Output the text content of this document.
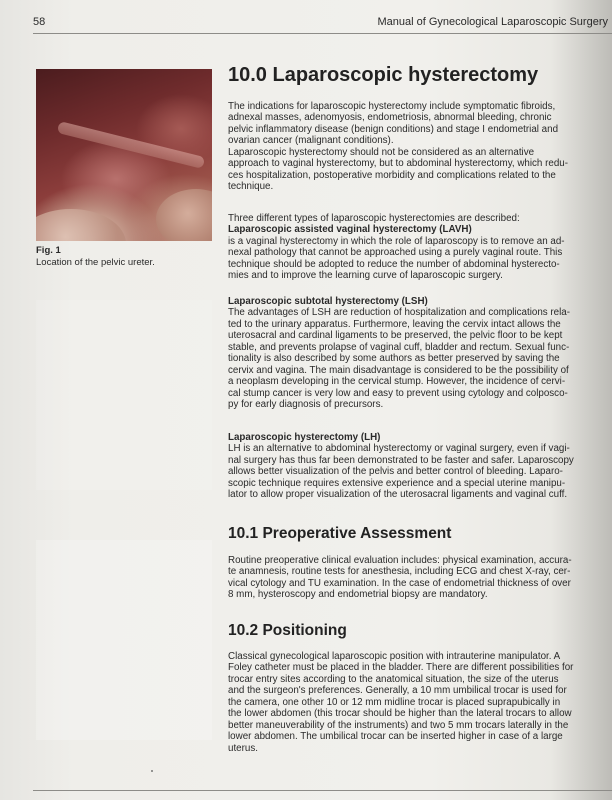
58	Manual of Gynecological Laparoscopic Surgery
Fig. 1
Location of the pelvic ureter.
10.0 Laparoscopic hysterectomy
The indications for laparoscopic hysterectomy include symptomatic fibroids,
adnexal masses, adenomyosis, endometriosis, abnormal bleeding, chronic
pelvic inflammatory disease (benign conditions) and stage I endometrial and
ovarian cancer (malignant conditions).
Laparoscopic hysterectomy should not be considered as an alternative
approach to vaginal hysterectomy, but to abdominal hysterectomy, which redu-
ces hospitalization, postoperative morbidity and complications related to the
technique.
Three different types of laparoscopic hysterectomies are described:
Laparoscopic assisted vaginal hysterectomy (LAVH)
is a vaginal hysterectomy in which the role of laparoscopy is to remove an ad-
nexal pathology that cannot be approached using a purely vaginal route. This
technique should be adopted to reduce the number of abdominal hysterecto-
mies and to improve the learning curve of laparoscopic surgery.
Laparoscopic subtotal hysterectomy (LSH)
The advantages of LSH are reduction of hospitalization and complications rela-
ted to the urinary apparatus. Furthermore, leaving the cervix intact allows the
uterosacral and cardinal ligaments to be preserved, the pelvic floor to be kept
stable, and prevents prolapse of vaginal cuff, bladder and rectum. Sexual func-
tionality is also described by some authors as better preserved by saving the
cervix and vagina. The main disadvantage is considered to be the possibility of
a neoplasm developing in the cervical stump. However, the incidence of cervi-
cal stump cancer is very low and easy to prevent using cytology and colposco-
py for early diagnosis of precursors.
Laparoscopic hysterectomy (LH)
LH is an alternative to abdominal hysterectomy or vaginal surgery, even if vagi-
nal surgery has thus far been demonstrated to be faster and safer. Laparoscopy
allows better visualization of the pelvis and better control of bleeding. Laparo-
scopic technique requires extensive experience and a special uterine manipu-
lator to allow proper visualization of the uterosacral ligaments and vaginal cuff.
10.1 Preoperative Assessment
Routine preoperative clinical evaluation includes: physical examination, accura-
te anamnesis, routine tests for anesthesia, including ECG and chest X-ray, cer-
vical cytology and TU examination. In the case of endometrial thickness of over
8 mm, hysteroscopy and endometrial biopsy are mandatory.
10.2 Positioning
Classical gynecological laparoscopic position with intrauterine manipulator. A
Foley catheter must be placed in the bladder. There are different possibilities for
trocar entry sites according to the anatomical situation, the size of the uterus
and the surgeon's preferences. Generally, a 10 mm umbilical trocar is used for
the camera, one other 10 or 12 mm midline trocar is placed suprapubically in
the lower abdomen (this trocar should be higher than the lateral trocars to allow
better maneuverability of the instruments) and two 5 mm trocars laterally in the
lower abdomen. The umbilical trocar can be inserted higher in case of a large
uterus.
